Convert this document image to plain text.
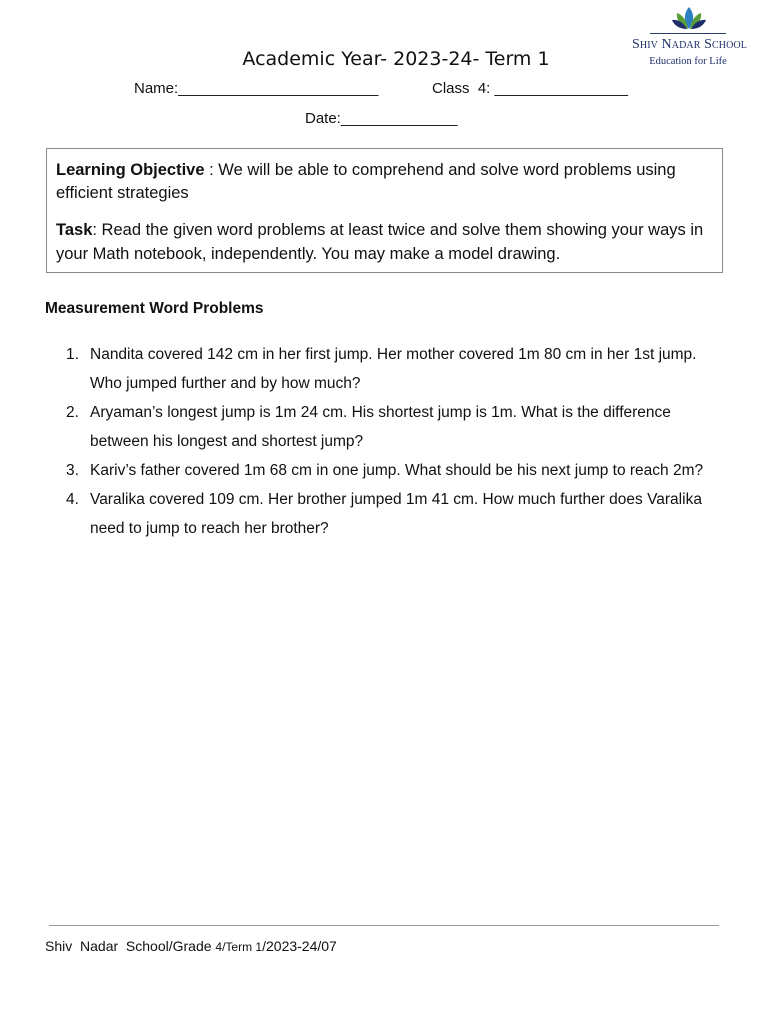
Academic Year- 2023-24- Term 1
Shiv Nadar School
Education for Life
Name:________________________	Class  4: ________________
Date:______________
Learning Objective : We will be able to comprehend and solve word problems using efficient strategies
Task: Read the given word problems at least twice and solve them showing your ways in your Math notebook, independently. You may make a model drawing.
Measurement Word Problems
1. Nandita covered 142 cm in her first jump. Her mother covered 1m 80 cm in her 1st jump. Who jumped further and by how much?
2. Aryaman’s longest jump is 1m 24 cm. His shortest jump is 1m. What is the difference between his longest and shortest jump?
3. Kariv’s father covered 1m 68 cm in one jump. What should be his next jump to reach 2m?
4. Varalika covered 109 cm. Her brother jumped 1m 41 cm. How much further does Varalika need to jump to reach her brother?
Shiv  Nadar  School/Grade 4/Term 1/2023-24/07
